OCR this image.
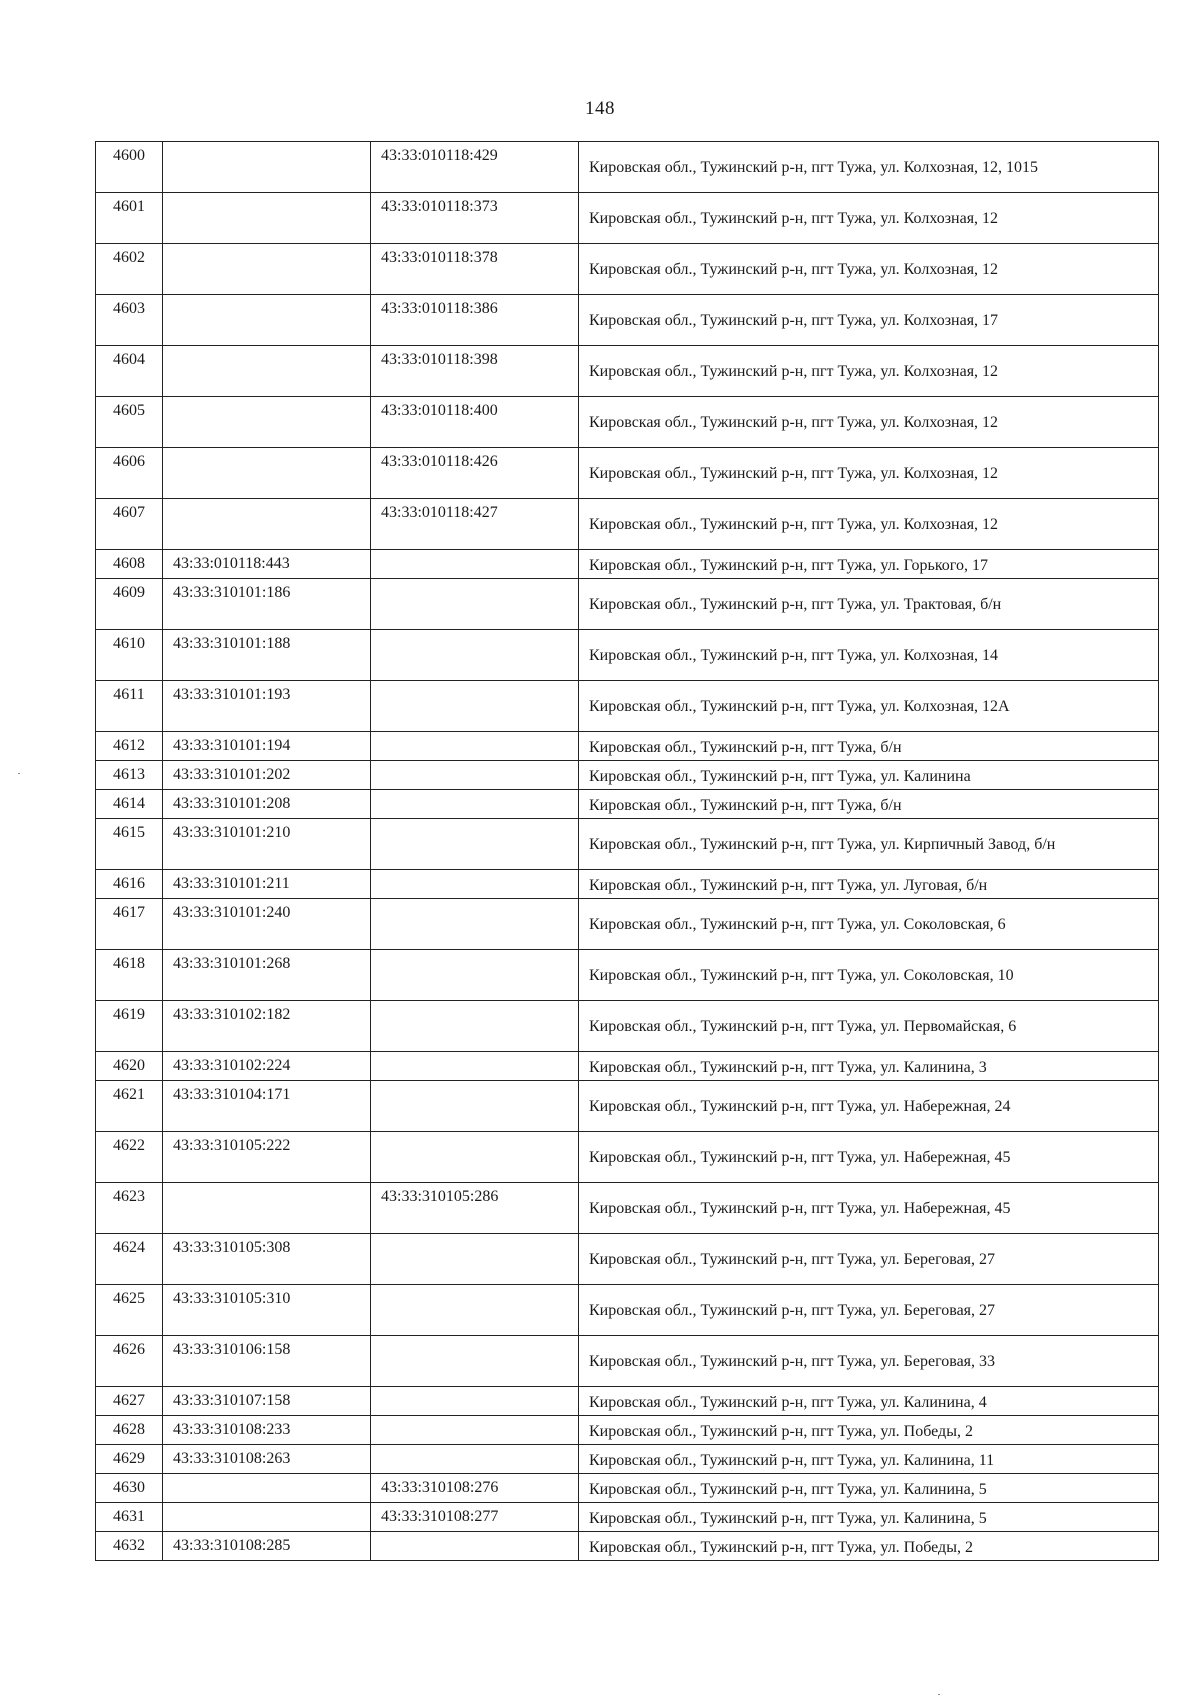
148
4600		43:33:010118:429	Кировская обл., Тужинский р-н, пгт Тужа, ул. Колхозная, 12, 1015
4601		43:33:010118:373	Кировская обл., Тужинский р-н, пгт Тужа, ул. Колхозная, 12
4602		43:33:010118:378	Кировская обл., Тужинский р-н, пгт Тужа, ул. Колхозная, 12
4603		43:33:010118:386	Кировская обл., Тужинский р-н, пгт Тужа, ул. Колхозная, 17
4604		43:33:010118:398	Кировская обл., Тужинский р-н, пгт Тужа, ул. Колхозная, 12
4605		43:33:010118:400	Кировская обл., Тужинский р-н, пгт Тужа, ул. Колхозная, 12
4606		43:33:010118:426	Кировская обл., Тужинский р-н, пгт Тужа, ул. Колхозная, 12
4607		43:33:010118:427	Кировская обл., Тужинский р-н, пгт Тужа, ул. Колхозная, 12
4608	43:33:010118:443		Кировская обл., Тужинский р-н, пгт Тужа, ул. Горького, 17
4609	43:33:310101:186		Кировская обл., Тужинский р-н, пгт Тужа, ул. Трактовая, б/н
4610	43:33:310101:188		Кировская обл., Тужинский р-н, пгт Тужа, ул. Колхозная, 14
4611	43:33:310101:193		Кировская обл., Тужинский р-н, пгт Тужа, ул. Колхозная, 12А
4612	43:33:310101:194		Кировская обл., Тужинский р-н, пгт Тужа, б/н
4613	43:33:310101:202		Кировская обл., Тужинский р-н, пгт Тужа, ул. Калинина
4614	43:33:310101:208		Кировская обл., Тужинский р-н, пгт Тужа, б/н
4615	43:33:310101:210		Кировская обл., Тужинский р-н, пгт Тужа, ул. Кирпичный Завод, б/н
4616	43:33:310101:211		Кировская обл., Тужинский р-н, пгт Тужа, ул. Луговая, б/н
4617	43:33:310101:240		Кировская обл., Тужинский р-н, пгт Тужа, ул. Соколовская, 6
4618	43:33:310101:268		Кировская обл., Тужинский р-н, пгт Тужа, ул. Соколовская, 10
4619	43:33:310102:182		Кировская обл., Тужинский р-н, пгт Тужа, ул. Первомайская, 6
4620	43:33:310102:224		Кировская обл., Тужинский р-н, пгт Тужа, ул. Калинина, 3
4621	43:33:310104:171		Кировская обл., Тужинский р-н, пгт Тужа, ул. Набережная, 24
4622	43:33:310105:222		Кировская обл., Тужинский р-н, пгт Тужа, ул. Набережная, 45
4623		43:33:310105:286	Кировская обл., Тужинский р-н, пгт Тужа, ул. Набережная, 45
4624	43:33:310105:308		Кировская обл., Тужинский р-н, пгт Тужа, ул. Береговая, 27
4625	43:33:310105:310		Кировская обл., Тужинский р-н, пгт Тужа, ул. Береговая, 27
4626	43:33:310106:158		Кировская обл., Тужинский р-н, пгт Тужа, ул. Береговая, 33
4627	43:33:310107:158		Кировская обл., Тужинский р-н, пгт Тужа, ул. Калинина, 4
4628	43:33:310108:233		Кировская обл., Тужинский р-н, пгт Тужа, ул. Победы, 2
4629	43:33:310108:263		Кировская обл., Тужинский р-н, пгт Тужа, ул. Калинина, 11
4630		43:33:310108:276	Кировская обл., Тужинский р-н, пгт Тужа, ул. Калинина, 5
4631		43:33:310108:277	Кировская обл., Тужинский р-н, пгт Тужа, ул. Калинина, 5
4632	43:33:310108:285		Кировская обл., Тужинский р-н, пгт Тужа, ул. Победы, 2
